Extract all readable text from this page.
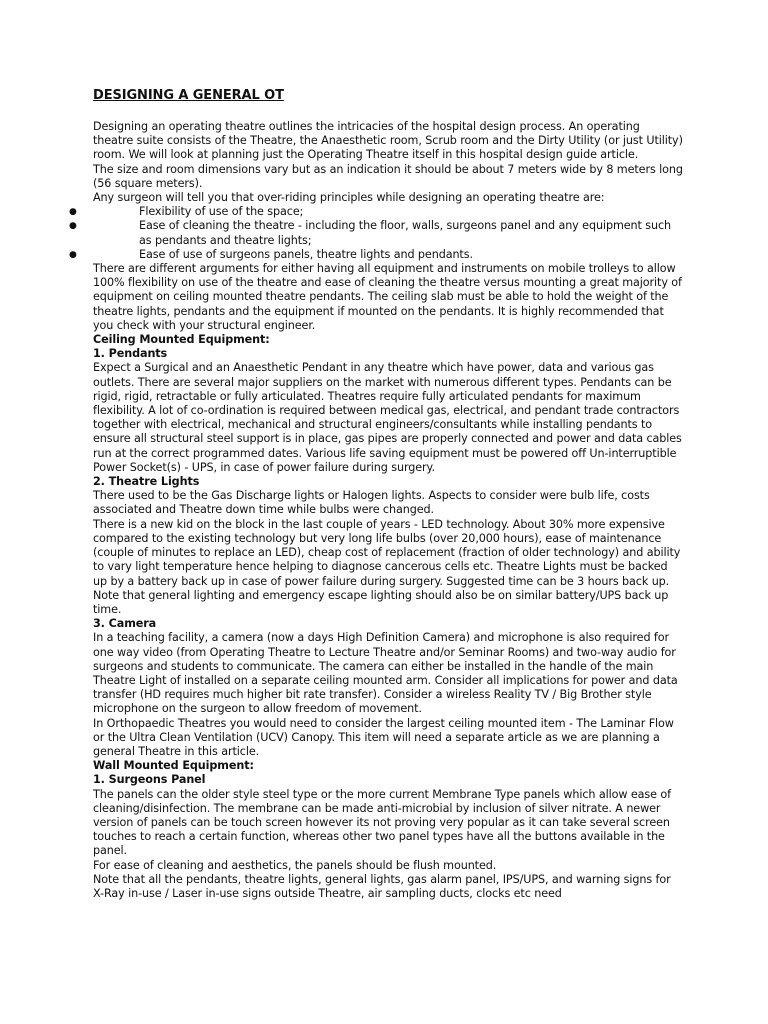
DESIGNING A GENERAL OT

Designing an operating theatre outlines the intricacies of the hospital design process. An operating theatre suite consists of the Theatre, the Anaesthetic room, Scrub room and the Dirty Utility (or just Utility) room. We will look at planning just the Operating Theatre itself in this hospital design guide article.

The size and room dimensions vary but as an indication it should be about 7 meters wide by 8 meters long (56 square meters).

Any surgeon will tell you that over-riding principles while designing an operating theatre are:

●	Flexibility of use of the space;
●	Ease of cleaning the theatre - including the floor, walls, surgeons panel and any equipment such as pendants and theatre lights;
●	Ease of use of surgeons panels, theatre lights and pendants.

There are different arguments for either having all equipment and instruments on mobile trolleys to allow 100% flexibility on use of the theatre and ease of cleaning the theatre versus mounting a great majority of equipment on ceiling mounted theatre pendants. The ceiling slab must be able to hold the weight of the theatre lights, pendants and the equipment if mounted on the pendants. It is highly recommended that you check with your structural engineer.

Ceiling Mounted Equipment:

1. Pendants

Expect a Surgical and an Anaesthetic Pendant in any theatre which have power, data and various gas outlets. There are several major suppliers on the market with numerous different types. Pendants can be rigid, rigid, retractable or fully articulated. Theatres require fully articulated pendants for maximum flexibility. A lot of co-ordination is required between medical gas, electrical, and pendant trade contractors together with electrical, mechanical and structural engineers/consultants while installing pendants to ensure all structural steel support is in place, gas pipes are properly connected and power and data cables run at the correct programmed dates. Various life saving equipment must be powered off Un-interruptible Power Socket(s) - UPS, in case of power failure during surgery.

2. Theatre Lights

There used to be the Gas Discharge lights or Halogen lights. Aspects to consider were bulb life, costs associated and Theatre down time while bulbs were changed.

There is a new kid on the block in the last couple of years - LED technology. About 30% more expensive compared to the existing technology but very long life bulbs (over 20,000 hours), ease of maintenance (couple of minutes to replace an LED), cheap cost of replacement (fraction of older technology) and ability to vary light temperature hence helping to diagnose cancerous cells etc. Theatre Lights must be backed up by a battery back up in case of power failure during surgery. Suggested time can be 3 hours back up. Note that general lighting and emergency escape lighting should also be on similar battery/UPS back up time.

3. Camera

In a teaching facility, a camera (now a days High Definition Camera) and microphone is also required for one way video (from Operating Theatre to Lecture Theatre and/or Seminar Rooms) and two-way audio for surgeons and students to communicate. The camera can either be installed in the handle of the main Theatre Light of installed on a separate ceiling mounted arm. Consider all implications for power and data transfer (HD requires much higher bit rate transfer). Consider a wireless Reality TV / Big Brother style microphone on the surgeon to allow freedom of movement.

In Orthopaedic Theatres you would need to consider the largest ceiling mounted item - The Laminar Flow or the Ultra Clean Ventilation (UCV) Canopy. This item will need a separate article as we are planning a general Theatre in this article.

Wall Mounted Equipment:

1. Surgeons Panel

The panels can the older style steel type or the more current Membrane Type panels which allow ease of cleaning/disinfection. The membrane can be made anti-microbial by inclusion of silver nitrate. A newer version of panels can be touch screen however its not proving very popular as it can take several screen touches to reach a certain function, whereas other two panel types have all the buttons available in the panel.

For ease of cleaning and aesthetics, the panels should be flush mounted.

Note that all the pendants, theatre lights, general lights, gas alarm panel, IPS/UPS, and warning signs for X-Ray in-use / Laser in-use signs outside Theatre, air sampling ducts, clocks etc need
